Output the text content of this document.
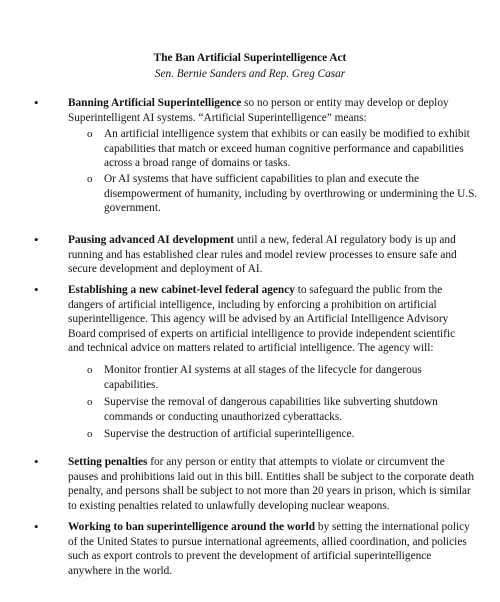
The Ban Artificial Superintelligence Act
Sen. Bernie Sanders and Rep. Greg Casar
•	Banning Artificial Superintelligence so no person or entity may develop or deploy Superintelligent AI systems. “Artificial Superintelligence” means:
o An artificial intelligence system that exhibits or can easily be modified to exhibit capabilities that match or exceed human cognitive performance and capabilities across a broad range of domains or tasks.
o Or AI systems that have sufficient capabilities to plan and execute the disempowerment of humanity, including by overthrowing or undermining the U.S. government.
•	Pausing advanced AI development until a new, federal AI regulatory body is up and running and has established clear rules and model review processes to ensure safe and secure development and deployment of AI.
•	Establishing a new cabinet-level federal agency to safeguard the public from the dangers of artificial intelligence, including by enforcing a prohibition on artificial superintelligence. This agency will be advised by an Artificial Intelligence Advisory Board comprised of experts on artificial intelligence to provide independent scientific and technical advice on matters related to artificial intelligence. The agency will:
o Monitor frontier AI systems at all stages of the lifecycle for dangerous capabilities.
o Supervise the removal of dangerous capabilities like subverting shutdown commands or conducting unauthorized cyberattacks.
o Supervise the destruction of artificial superintelligence.
•	Setting penalties for any person or entity that attempts to violate or circumvent the pauses and prohibitions laid out in this bill. Entities shall be subject to the corporate death penalty, and persons shall be subject to not more than 20 years in prison, which is similar to existing penalties related to unlawfully developing nuclear weapons.
•	Working to ban superintelligence around the world by setting the international policy of the United States to pursue international agreements, allied coordination, and policies such as export controls to prevent the development of artificial superintelligence anywhere in the world.
